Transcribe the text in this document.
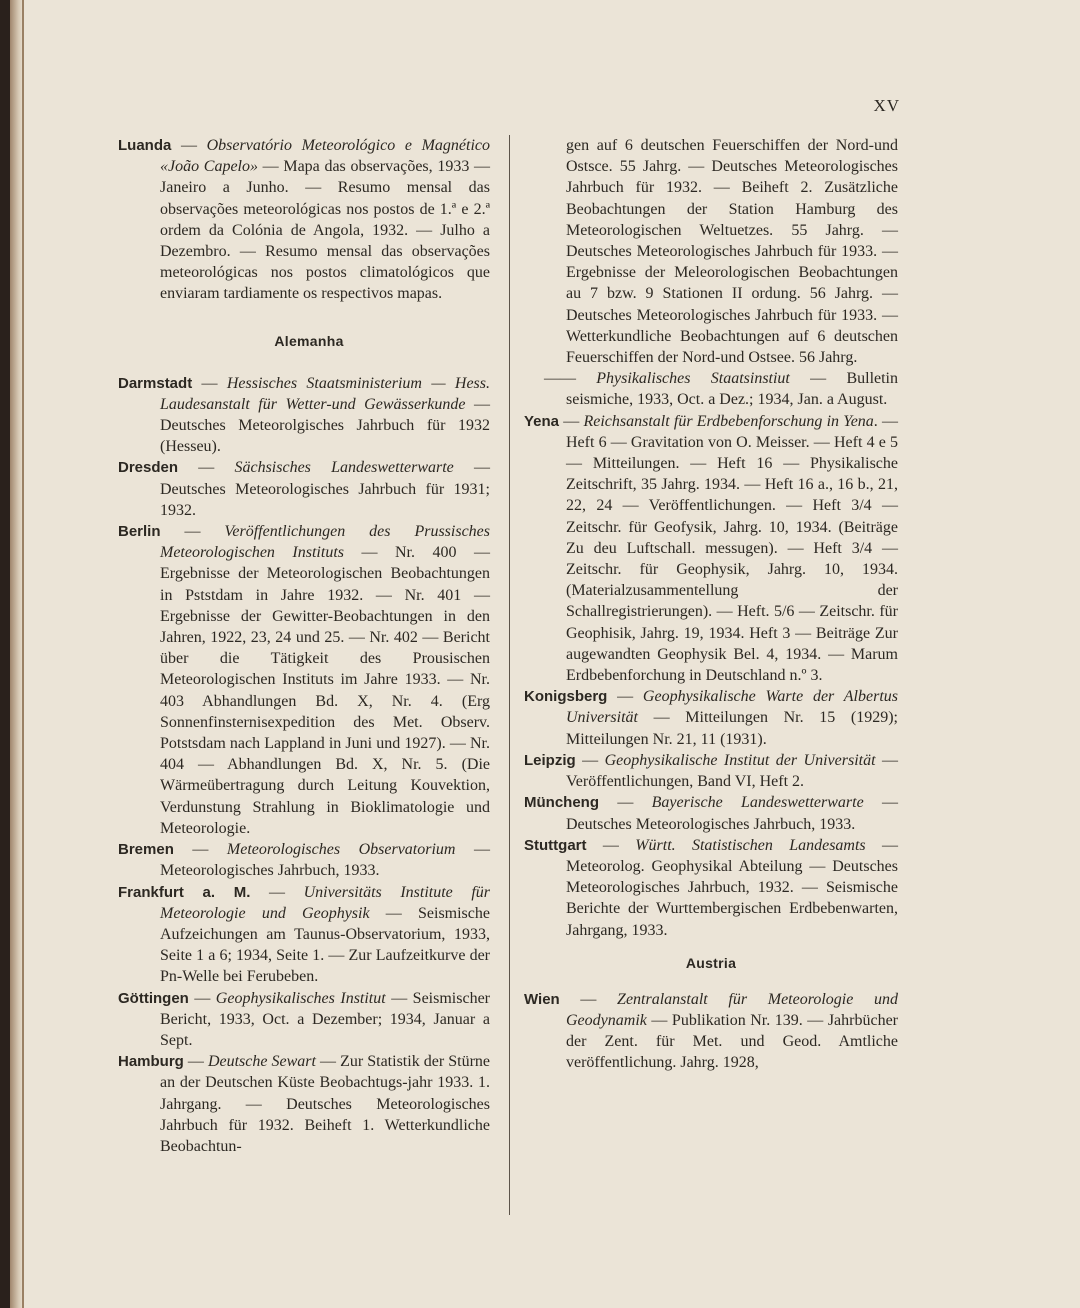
XV

Luanda — Observatório Meteorológico e Magnético «João Capelo» — Mapa das observações, 1933 — Janeiro a Junho. — Resumo mensal das observações meteorológicas nos postos de 1.ª e 2.ª ordem da Colónia de Angola, 1932. — Julho a Dezembro. — Resumo mensal das observações meteorológicas nos postos climatológicos que enviaram tardiamente os respectivos mapas.

Alemanha

Darmstadt — Hessisches Staatsministerium — Hess. Laudesanstalt für Wetter-und Gewässerkunde — Deutsches Meteorolgisches Jahrbuch für 1932 (Hesseu).

Dresden — Sächsisches Landeswetterwarte — Deutsches Meteorologisches Jahrbuch für 1931; 1932.

Berlin — Veröffentlichungen des Prussisches Meteorologischen Instituts — Nr. 400 — Ergebnisse der Meteorologischen Beobachtungen in Pststdam in Jahre 1932. — Nr. 401 — Ergebnisse der Gewitter-Beobachtungen in den Jahren, 1922, 23, 24 und 25. — Nr. 402 — Bericht über die Tätigkeit des Prousischen Meteorologischen Instituts im Jahre 1933. — Nr. 403 Abhandlungen Bd. X, Nr. 4. (Erg Sonnenfinsternisexpedition des Met. Observ. Potstsdam nach Lappland in Juni und 1927). — Nr. 404 — Abhandlungen Bd. X, Nr. 5. (Die Wärmeübertragung durch Leitung Kouvektion, Verdunstung Strahlung in Bioklimatologie und Meteorologie.

Bremen — Meteorologisches Observatorium — Meteorologisches Jahrbuch, 1933.

Frankfurt a. M. — Universitäts Institute für Meteorologie und Geophysik — Seismische Aufzeichungen am Taunus-Observatorium, 1933, Seite 1 a 6; 1934, Seite 1. — Zur Laufzeitkurve der Pn-Welle bei Ferubeben.

Göttingen — Geophysikalisches Institut — Seismischer Bericht, 1933, Oct. a Dezember; 1934, Januar a Sept.

Hamburg — Deutsche Sewart — Zur Statistik der Stürne an der Deutschen Küste Beobachtugs-jahr 1933. 1. Jahrgang. — Deutsches Meteorologisches Jahrbuch für 1932. Beiheft 1. Wetterkundliche Beobachtun-

gen auf 6 deutschen Feuerschiffen der Nord-und Ostsce. 55 Jahrg. — Deutsches Meteorologisches Jahrbuch für 1932. — Beiheft 2. Zusätzliche Beobachtungen der Station Hamburg des Meteorologischen Weltuetzes. 55 Jahrg. — Deutsches Meteorologisches Jahrbuch für 1933. — Ergebnisse der Meleorologischen Beobachtungen au 7 bzw. 9 Stationen II ordung. 56 Jahrg. — Deutsches Meteorologisches Jahrbuch für 1933. — Wetterkundliche Beobachtungen auf 6 deutschen Feuerschiffen der Nord-und Ostsee. 56 Jahrg.

—— Physikalisches Staatsinstiut — Bulletin seismiche, 1933, Oct. a Dez.; 1934, Jan. a August.

Yena — Reichsanstalt für Erdbebenforschung in Yena. — Heft 6 — Gravitation von O. Meisser. — Heft 4 e 5 — Mitteilungen. — Heft 16 — Physikalische Zeitschrift, 35 Jahrg. 1934. — Heft 16 a., 16 b., 21, 22, 24 — Veröffentlichungen. — Heft 3/4 — Zeitschr. für Geofysik, Jahrg. 10, 1934. (Beiträge Zu deu Luftschall. messugen). — Heft 3/4 — Zeitschr. für Geophysik, Jahrg. 10, 1934. (Materialzusammentellung der Schallregistrierungen). — Heft. 5/6 — Zeitschr. für Geophisik, Jahrg. 19, 1934. Heft 3 — Beiträge Zur augewandten Geophysik Bel. 4, 1934. — Marum Erdbebenforchung in Deutschland n.º 3.

Konigsberg — Geophysikalische Warte der Albertus Universität — Mitteilungen Nr. 15 (1929); Mitteilungen Nr. 21, 11 (1931).

Leipzig — Geophysikalische Institut der Universität — Veröffentlichungen, Band VI, Heft 2.

Müncheng — Bayerische Landeswetterwarte — Deutsches Meteorologisches Jahrbuch, 1933.

Stuttgart — Württ. Statistischen Landesamts — Meteorolog. Geophysikal Abteilung — Deutsches Meteorologisches Jahrbuch, 1932. — Seismische Berichte der Wurttembergischen Erdbebenwarten, Jahrgang, 1933.

Austria

Wien — Zentralanstalt für Meteorologie und Geodynamik — Publikation Nr. 139. — Jahrbücher der Zent. für Met. und Geod. Amtliche veröffentlichung. Jahrg. 1928,
